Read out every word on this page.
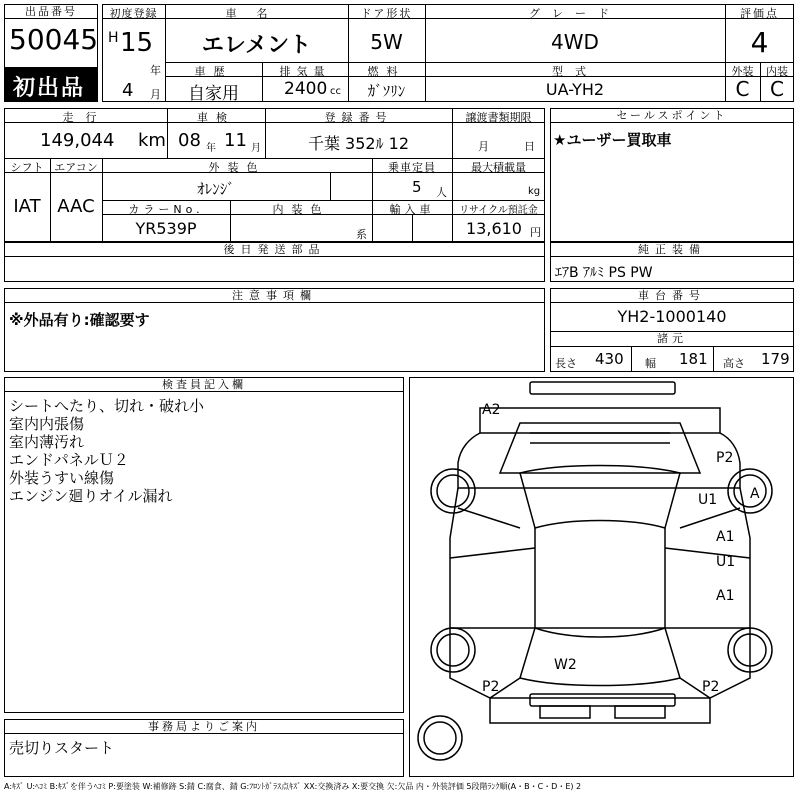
出品番号
50045
初出品
初度登録
H 15
年
4 月
車名
エレメント
ドア形状
5W
グレード
4WD
評価点
4
車歴
自家用
排気量
2400 cc
燃料
ｶﾞｿﾘﾝ
型式
UA-YH2
外装
C
内装
C
走行
149,044 km
車検
08 年 11 月
登録番号
千葉 352ﾙ 12
譲渡書類期限
月	日
シフト
IAT
エアコン
AAC
外装色
ｵﾚﾝｼﾞ
乗車定員
5 人
最大積載量
kg
カラーNo.
YR539P
内装色
系
輸入車	リサイクル預託金
13,610 円
セールスポイント
★ユーザー買取車
後日発送部品	純正装備
ｴｱB ｱﾙﾐ PS PW
注意事項欄
※外品有り:確認要す
車台番号
YH2-1000140
諸元
長さ 430 幅 181 高さ 179
検査員記入欄
シートへたり、切れ・破れ小
室内内張傷
室内薄汚れ
エンドパネルＵ２
外装うすい線傷
エンジン廻りオイル漏れ
事務局よりご案内
売切りスタート
A2
P2
U1 A
A1
U1
A1
W2
P2	P2
A:ｷｽﾞ U:ﾍｺﾐ B:ｷｽﾞを伴うﾍｺﾐ P:要塗装 W:補修跡 S:錆 C:腐食、錆 G:ﾌﾛﾝﾄｶﾞﾗｽ点ｷｽﾞ XX:交換済み X:要交換 欠:欠品 内・外装評価 5段階ﾗﾝｸ順(A・B・C・D・E) 2
